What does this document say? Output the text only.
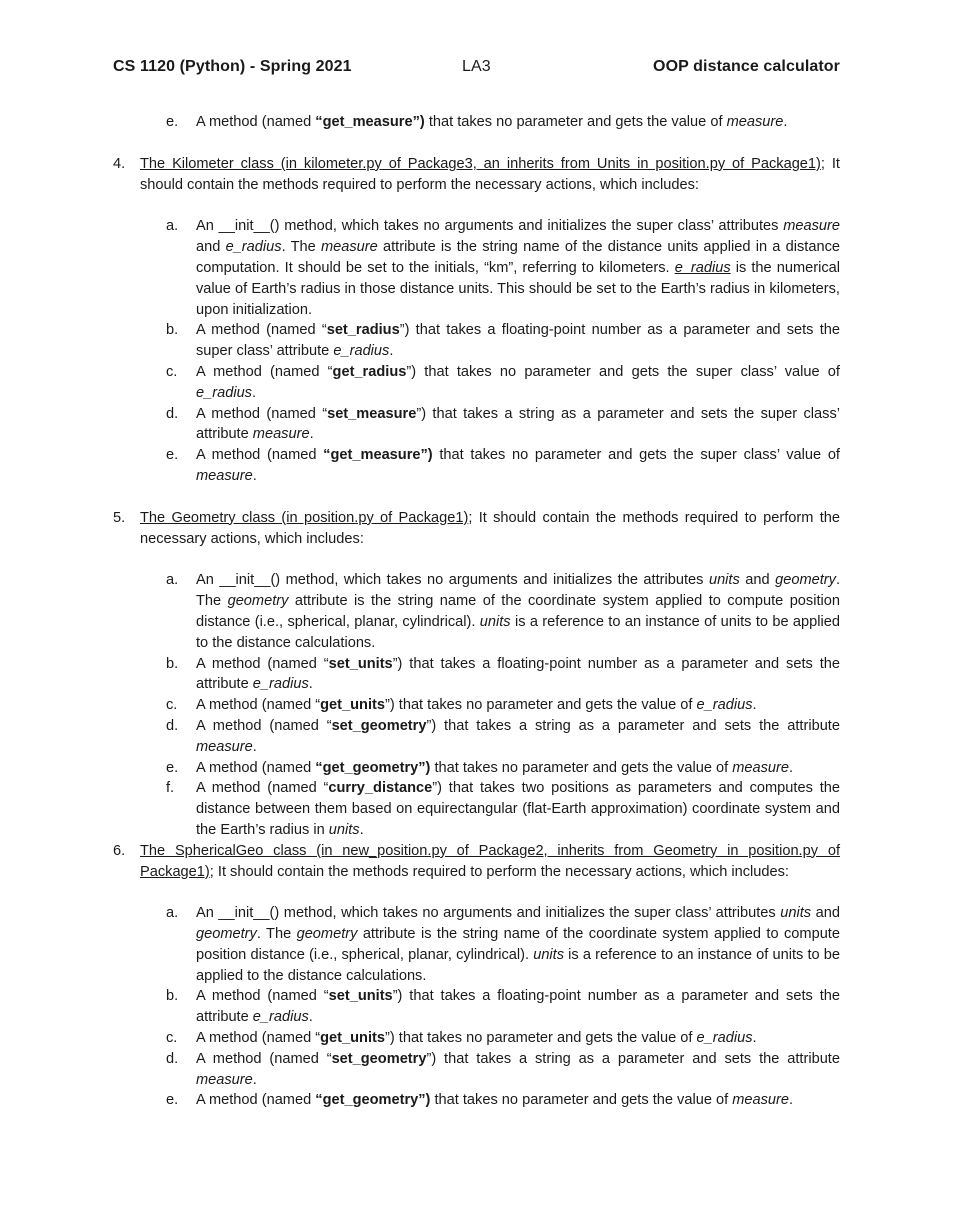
CS 1120 (Python) - Spring 2021	LA3	OOP distance calculator
e. A method (named “get_measure”) that takes no parameter and gets the value of measure.
4. The Kilometer class (in kilometer.py of Package3, an inherits from Units in position.py of Package1); It should contain the methods required to perform the necessary actions, which includes:
a. An __init__() method, which takes no arguments and initializes the super class’ attributes measure and e_radius. The measure attribute is the string name of the distance units applied in a distance computation. It should be set to the initials, “km”, referring to kilometers. e_radius is the numerical value of Earth’s radius in those distance units. This should be set to the Earth’s radius in kilometers, upon initialization.
b. A method (named “set_radius”) that takes a floating-point number as a parameter and sets the super class’ attribute e_radius.
c. A method (named “get_radius”) that takes no parameter and gets the super class’ value of e_radius.
d. A method (named “set_measure”) that takes a string as a parameter and sets the super class’ attribute measure.
e. A method (named “get_measure”) that takes no parameter and gets the super class’ value of measure.
5. The Geometry class (in position.py of Package1); It should contain the methods required to perform the necessary actions, which includes:
a. An __init__() method, which takes no arguments and initializes the attributes units and geometry. The geometry attribute is the string name of the coordinate system applied to compute position distance (i.e., spherical, planar, cylindrical). units is a reference to an instance of units to be applied to the distance calculations.
b. A method (named “set_units”) that takes a floating-point number as a parameter and sets the attribute e_radius.
c. A method (named “get_units”) that takes no parameter and gets the value of e_radius.
d. A method (named “set_geometry”) that takes a string as a parameter and sets the attribute measure.
e. A method (named “get_geometry”) that takes no parameter and gets the value of measure.
f. A method (named “curry_distance”) that takes two positions as parameters and computes the distance between them based on equirectangular (flat-Earth approximation) coordinate system and the Earth’s radius in units.
6. The SphericalGeo class (in new_position.py of Package2, inherits from Geometry in position.py of Package1); It should contain the methods required to perform the necessary actions, which includes:
a. An __init__() method, which takes no arguments and initializes the super class’ attributes units and geometry. The geometry attribute is the string name of the coordinate system applied to compute position distance (i.e., spherical, planar, cylindrical). units is a reference to an instance of units to be applied to the distance calculations.
b. A method (named “set_units”) that takes a floating-point number as a parameter and sets the attribute e_radius.
c. A method (named “get_units”) that takes no parameter and gets the value of e_radius.
d. A method (named “set_geometry”) that takes a string as a parameter and sets the attribute measure.
e. A method (named “get_geometry”) that takes no parameter and gets the value of measure.
